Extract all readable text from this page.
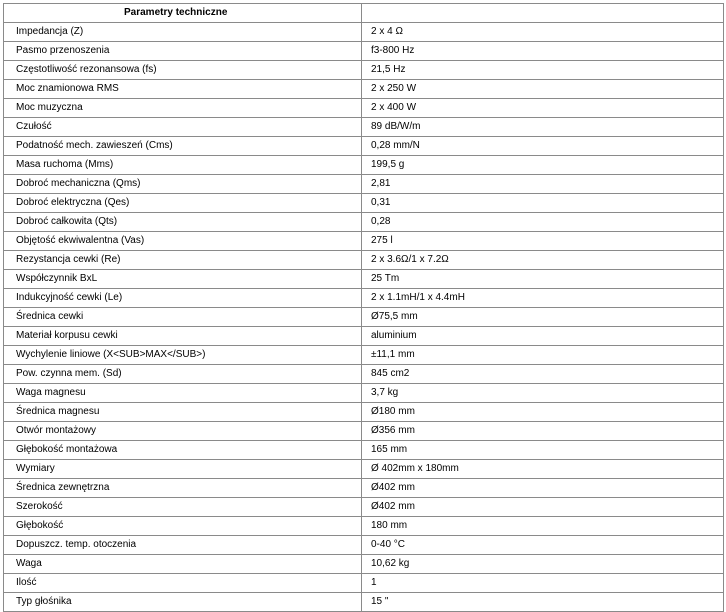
Parametry techniczne	
Impedancja (Z)	2 x 4 Ω
Pasmo przenoszenia	f3-800 Hz
Częstotliwość rezonansowa (fs)	21,5 Hz
Moc znamionowa RMS	2 x 250 W
Moc muzyczna	2 x 400 W
Czułość	89 dB/W/m
Podatność mech. zawieszeń (Cms)	0,28 mm/N
Masa ruchoma (Mms)	199,5 g
Dobroć mechaniczna (Qms)	2,81
Dobroć elektryczna (Qes)	0,31
Dobroć całkowita (Qts)	0,28
Objętość ekwiwalentna (Vas)	275 l
Rezystancja cewki (Re)	2 x 3.6Ω/1 x 7.2Ω
Współczynnik BxL	25 Tm
Indukcyjność cewki (Le)	2 x 1.1mH/1 x 4.4mH
Średnica cewki	Ø75,5 mm
Materiał korpusu cewki	aluminium
Wychylenie liniowe (X<SUB>MAX</SUB>)	±11,1 mm
Pow. czynna mem. (Sd)	845 cm2
Waga magnesu	3,7 kg
Średnica magnesu	Ø180 mm
Otwór montażowy	Ø356 mm
Głębokość montażowa	165 mm
Wymiary	Ø 402mm x 180mm
Średnica zewnętrzna	Ø402 mm
Szerokość	Ø402 mm
Głębokość	180 mm
Dopuszcz. temp. otoczenia	0-40 °C
Waga	10,62 kg
Ilość	1
Typ głośnika	15 "
